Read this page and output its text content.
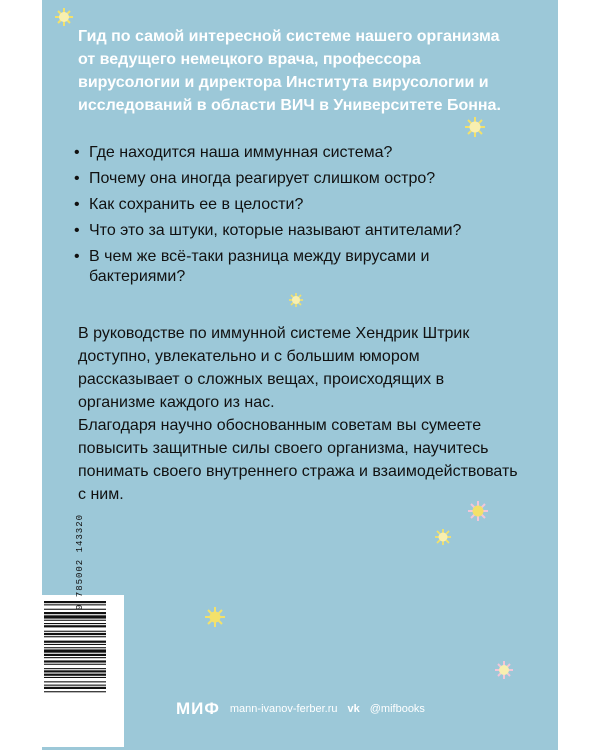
Гид по самой интересной системе нашего организма от ведущего немецкого врача, профессора вирусологии и директора Института вирусологии и исследований в области ВИЧ в Университете Бонна.

• Где находится наша иммунная система?
• Почему она иногда реагирует слишком остро?
• Как сохранить ее в целости?
• Что это за штуки, которые называют антителами?
• В чем же всё-таки разница между вирусами и бактериями?

В руководстве по иммунной системе Хендрик Штрик доступно, увлекательно и с большим юмором рассказывает о сложных вещах, происходящих в организме каждого из нас.

Благодаря научно обоснованным советам вы сумеете повысить защитные силы своего организма, научитесь понимать своего внутреннего стража и взаимодействовать с ним.

9 785002 143320
МИФ mann-ivanov-ferber.ru vk @mifbooks
